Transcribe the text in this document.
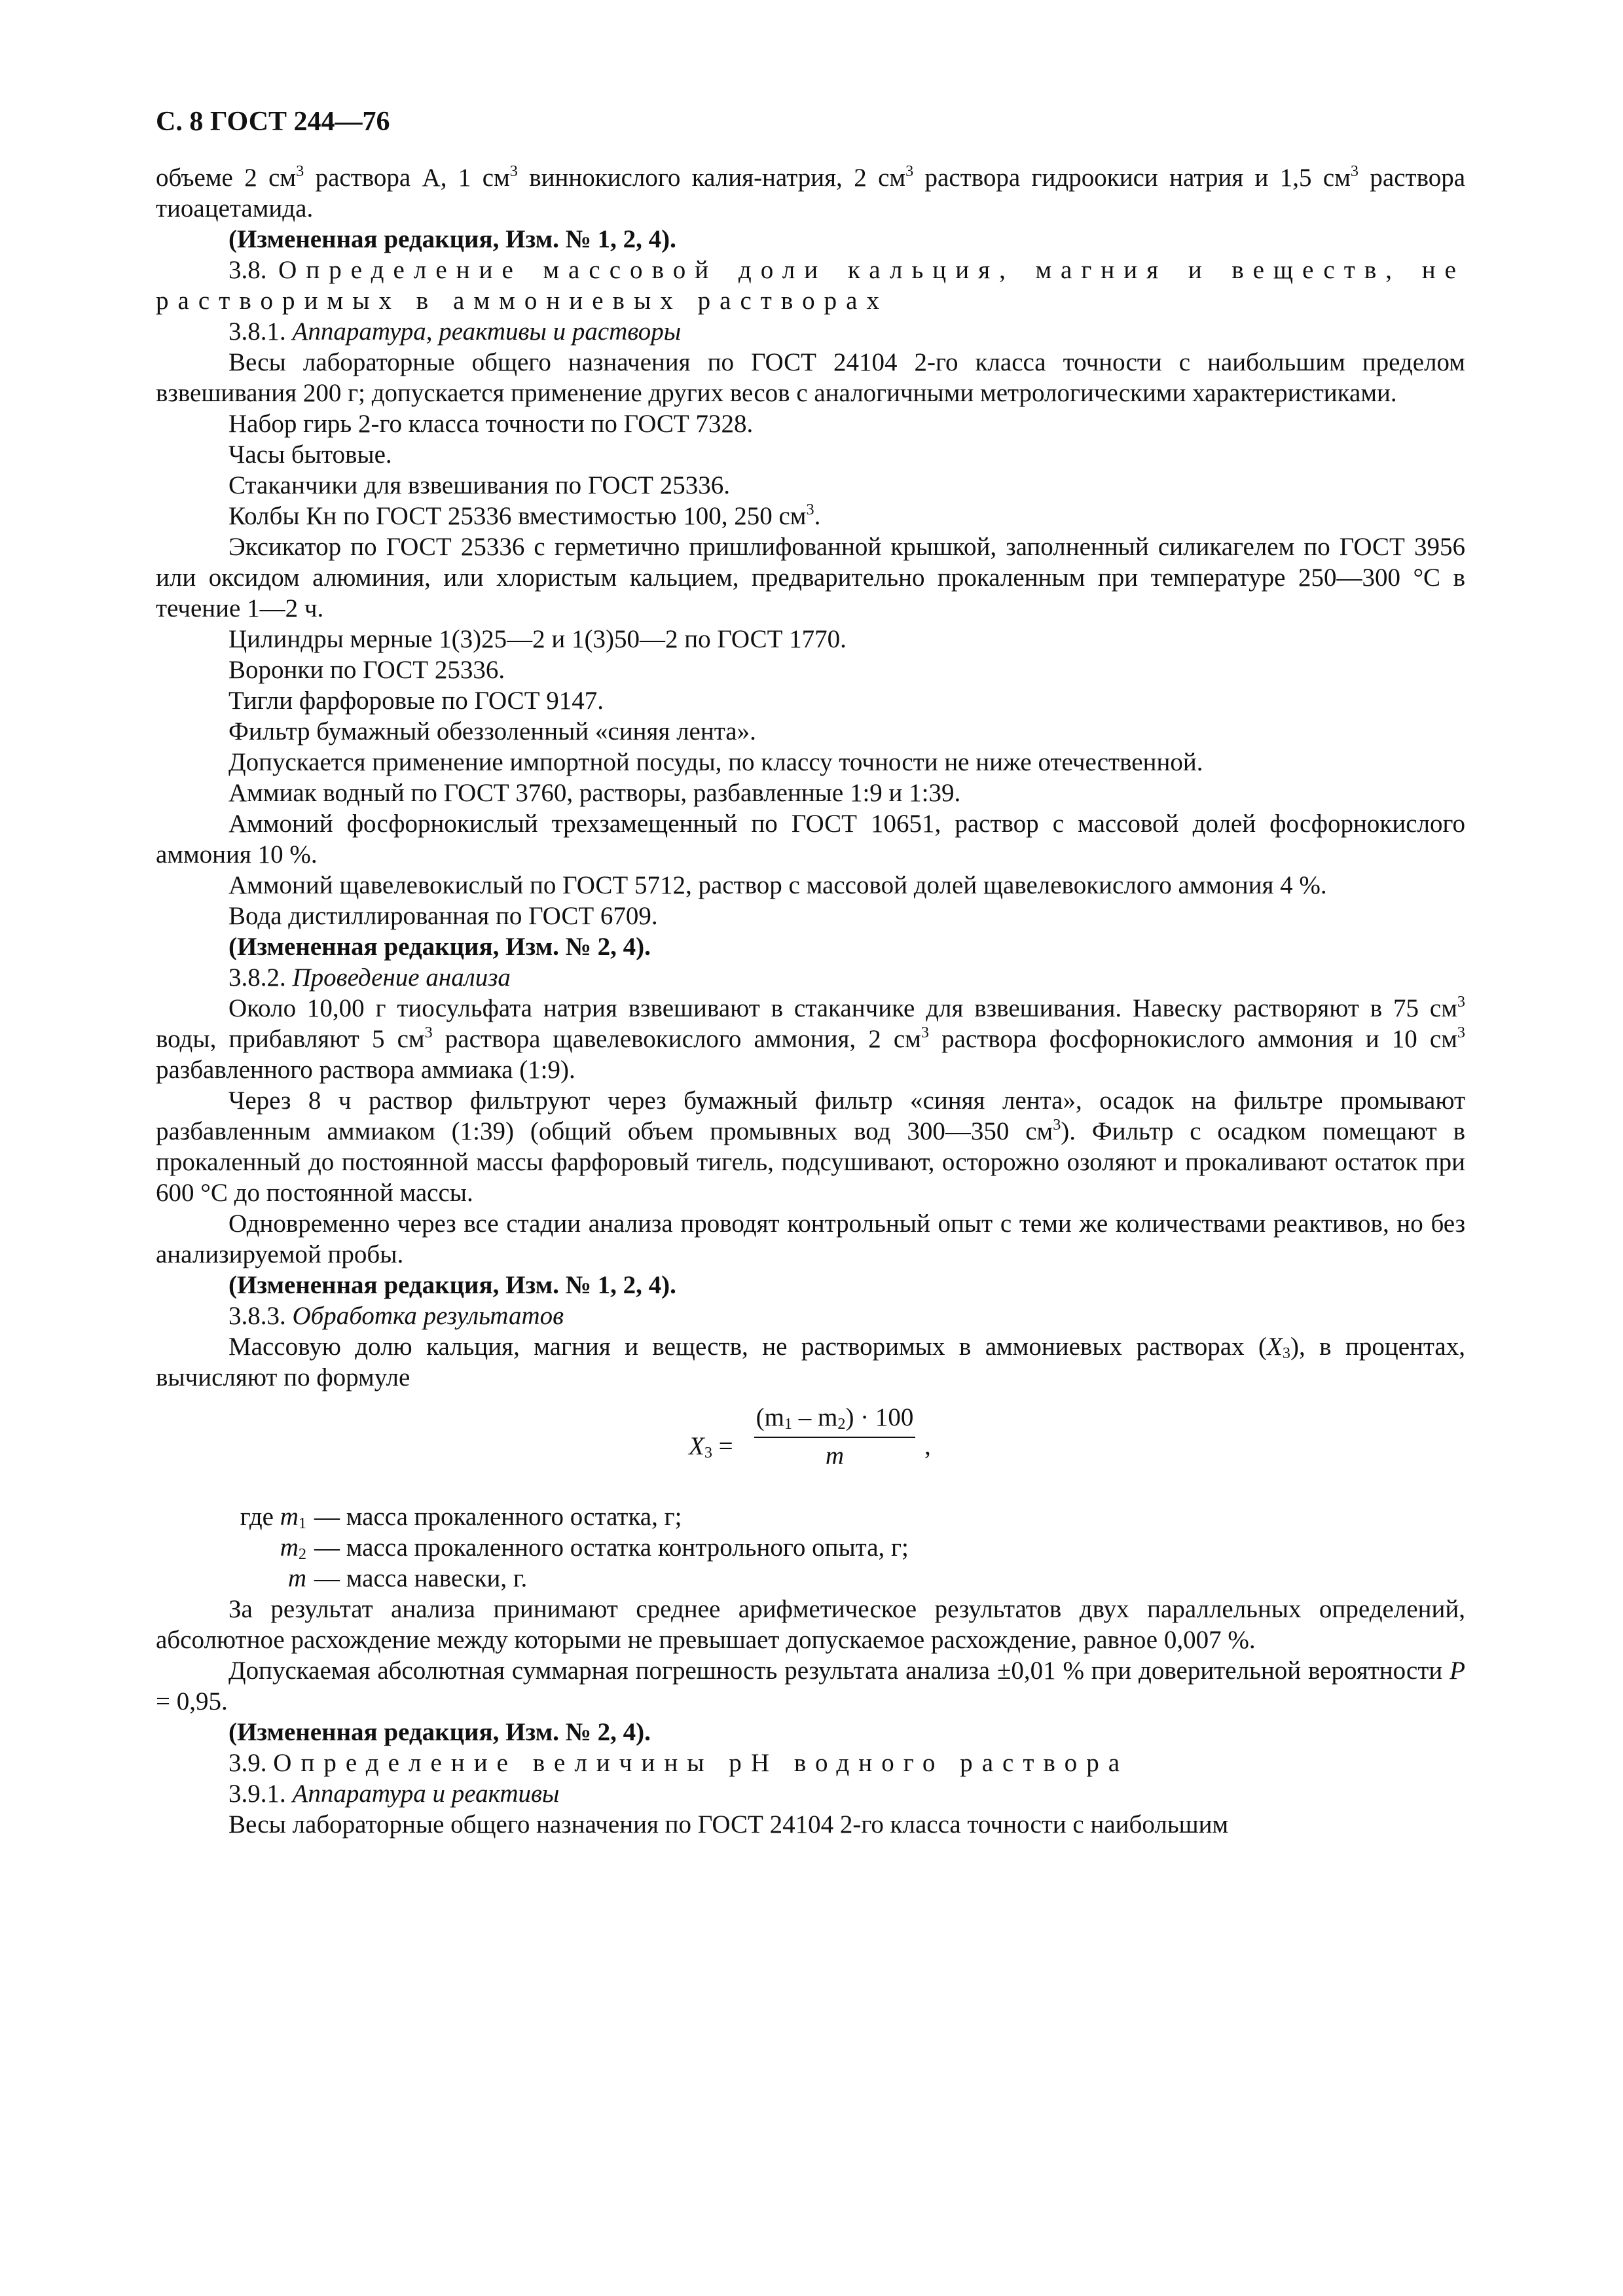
С. 8 ГОСТ 244—76

объеме 2 $см^3$ раствора А, 1 $см^3$ виннокислого калия-натрия, 2 $см^3$ раствора гидроокиси натрия и 1,5 $см^3$ раствора тиоацетамида.

(Измененная редакция, Изм. № 1, 2, 4).

3.8. Определение массовой доли кальция, магния и веществ, не растворимых в аммониевых растворах

3.8.1. Аппаратура, реактивы и растворы

Весы лабораторные общего назначения по ГОСТ 24104 2-го класса точности с наибольшим пределом взвешивания 200 г; допускается применение других весов с аналогичными метрологическими характеристиками.

Набор гирь 2-го класса точности по ГОСТ 7328.

Часы бытовые.

Стаканчики для взвешивания по ГОСТ 25336.

Колбы Кн по ГОСТ 25336 вместимостью 100, 250 $см^3$.

Эксикатор по ГОСТ 25336 с герметично пришлифованной крышкой, заполненный силикагелем по ГОСТ 3956 или оксидом алюминия, или хлористым кальцием, предварительно прокаленным при температуре 250—300 °С в течение 1—2 ч.

Цилиндры мерные 1(3)25—2 и 1(3)50—2 по ГОСТ 1770.

Воронки по ГОСТ 25336.

Тигли фарфоровые по ГОСТ 9147.

Фильтр бумажный обеззоленный «синяя лента».

Допускается применение импортной посуды, по классу точности не ниже отечественной.

Аммиак водный по ГОСТ 3760, растворы, разбавленные 1:9 и 1:39.

Аммоний фосфорнокислый трехзамещенный по ГОСТ 10651, раствор с массовой долей фосфорнокислого аммония 10 %.

Аммоний щавелевокислый по ГОСТ 5712, раствор с массовой долей щавелевокислого аммония 4 %.

Вода дистиллированная по ГОСТ 6709.

(Измененная редакция, Изм. № 2, 4).

3.8.2. Проведение анализа

Около 10,00 г тиосульфата натрия взвешивают в стаканчике для взвешивания. Навеску растворяют в 75 $см^3$ воды, прибавляют 5 $см^3$ раствора щавелевокислого аммония, 2 $см^3$ раствора фосфорнокислого аммония и 10 $см^3$ разбавленного раствора аммиака (1:9).

Через 8 ч раствор фильтруют через бумажный фильтр «синяя лента», осадок на фильтре промывают разбавленным аммиаком (1:39) (общий объем промывных вод 300—350 $см^3$). Фильтр с осадком помещают в прокаленный до постоянной массы фарфоровый тигель, подсушивают, осторожно озоляют и прокаливают остаток при 600 °С до постоянной массы.

Одновременно через все стадии анализа проводят контрольный опыт с теми же количествами реактивов, но без анализируемой пробы.

(Измененная редакция, Изм. № 1, 2, 4).

3.8.3. Обработка результатов

Массовую долю кальция, магния и веществ, не растворимых в аммониевых растворах $(X_3)$, в процентах, вычисляют по формуле

$X_3$ =
$(m_1 - m_2) \cdot 100$
m	,
где $m_1$ — масса прокаленного остатка, г;
$m_2$ — масса прокаленного остатка контрольного опыта, г;
m — масса навески, г.

За результат анализа принимают среднее арифметическое результатов двух параллельных определений, абсолютное расхождение между которыми не превышает допускаемое расхождение, равное 0,007 %.

Допускаемая абсолютная суммарная погрешность результата анализа ±0,01 % при доверительной вероятности P = 0,95.

(Измененная редакция, Изм. № 2, 4).

3.9. Определение величины pH водного раствора

3.9.1. Аппаратура и реактивы

Весы лабораторные общего назначения по ГОСТ 24104 2-го класса точности с наибольшим
